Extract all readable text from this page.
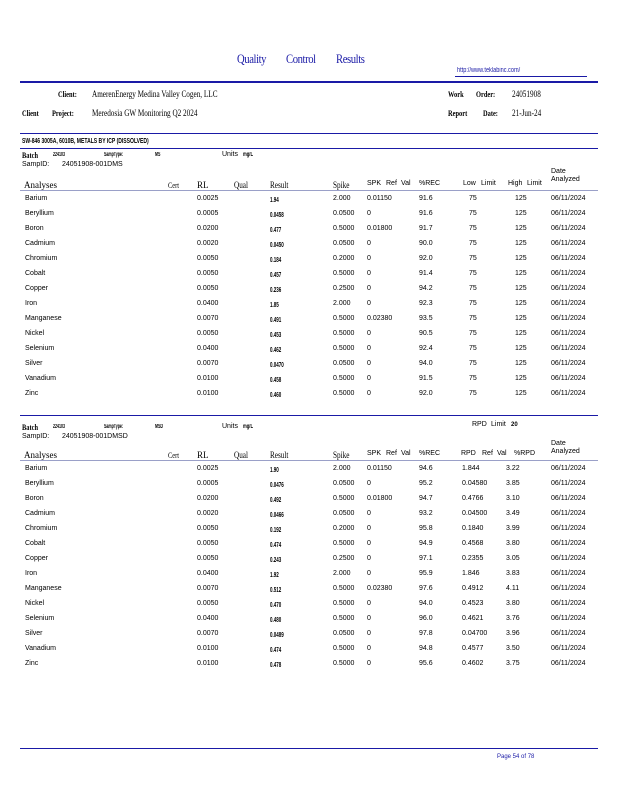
Quality Control Results
http://www.teklabinc.com/
Client: AmerenEnergy Medina Valley Cogen, LLC
Client Project: Meredosia GW Monitoring Q2 2024
Work Order: 24051908
Report Date: 21-Jun-24
SW-846 3005A, 6010B, METALS BY ICP (DISSOLVED)
Batch	224103	SampType:	MS	Units mg/L
SampID: 24051908-001DMS
Date
Analyzed
Analyses	Cert RL	Qual Result	Spike	SPK Ref Val %REC	Low Limit High Limit
Barium	0.0025	1.94	2.000 0.01150	91.6	75	125	06/11/2024
Beryllium	0.0005	0.0458	0.0500 0	91.6	75	125	06/11/2024
Boron	0.0200	0.477	0.5000 0.01800	91.7	75	125	06/11/2024
Cadmium	0.0020	0.0450	0.0500 0	90.0	75	125	06/11/2024
Chromium	0.0050	0.184	0.2000 0	92.0	75	125	06/11/2024
Cobalt	0.0050	0.457	0.5000 0	91.4	75	125	06/11/2024
Copper	0.0050	0.236	0.2500 0	94.2	75	125	06/11/2024
Iron	0.0400	1.85	2.000 0	92.3	75	125	06/11/2024
Manganese	0.0070	0.491	0.5000 0.02380	93.5	75	125	06/11/2024
Nickel	0.0050	0.453	0.5000 0	90.5	75	125	06/11/2024
Selenium	0.0400	0.462	0.5000 0	92.4	75	125	06/11/2024
Silver	0.0070	0.0470	0.0500 0	94.0	75	125	06/11/2024
Vanadium	0.0100	0.458	0.5000 0	91.5	75	125	06/11/2024
Zinc	0.0100	0.460	0.5000 0	92.0	75	125	06/11/2024
Batch	224103	SampType:	MSD	Units mg/L	RPD Limit 20
SampID: 24051908-001DMSD
Date
Analyzed
Analyses	Cert RL	Qual Result	Spike	SPK Ref Val %REC	RPD Ref Val %RPD
Barium	0.0025	1.90	2.000 0.01150	94.6	1.844	3.22	06/11/2024
Beryllium	0.0005	0.0476	0.0500 0	95.2	0.04580	3.85	06/11/2024
Boron	0.0200	0.492	0.5000 0.01800	94.7	0.4766	3.10	06/11/2024
Cadmium	0.0020	0.0466	0.0500 0	93.2	0.04500	3.49	06/11/2024
Chromium	0.0050	0.192	0.2000 0	95.8	0.1840	3.99	06/11/2024
Cobalt	0.0050	0.474	0.5000 0	94.9	0.4568	3.80	06/11/2024
Copper	0.0050	0.243	0.2500 0	97.1	0.2355	3.05	06/11/2024
Iron	0.0400	1.92	2.000 0	95.9	1.846	3.83	06/11/2024
Manganese	0.0070	0.512	0.5000 0.02380	97.6	0.4912	4.11	06/11/2024
Nickel	0.0050	0.470	0.5000 0	94.0	0.4523	3.80	06/11/2024
Selenium	0.0400	0.480	0.5000 0	96.0	0.4621	3.76	06/11/2024
Silver	0.0070	0.0489	0.0500 0	97.8	0.04700	3.96	06/11/2024
Vanadium	0.0100	0.474	0.5000 0	94.8	0.4577	3.50	06/11/2024
Zinc	0.0100	0.478	0.5000 0	95.6	0.4602	3.75	06/11/2024
Page 54 of 78
